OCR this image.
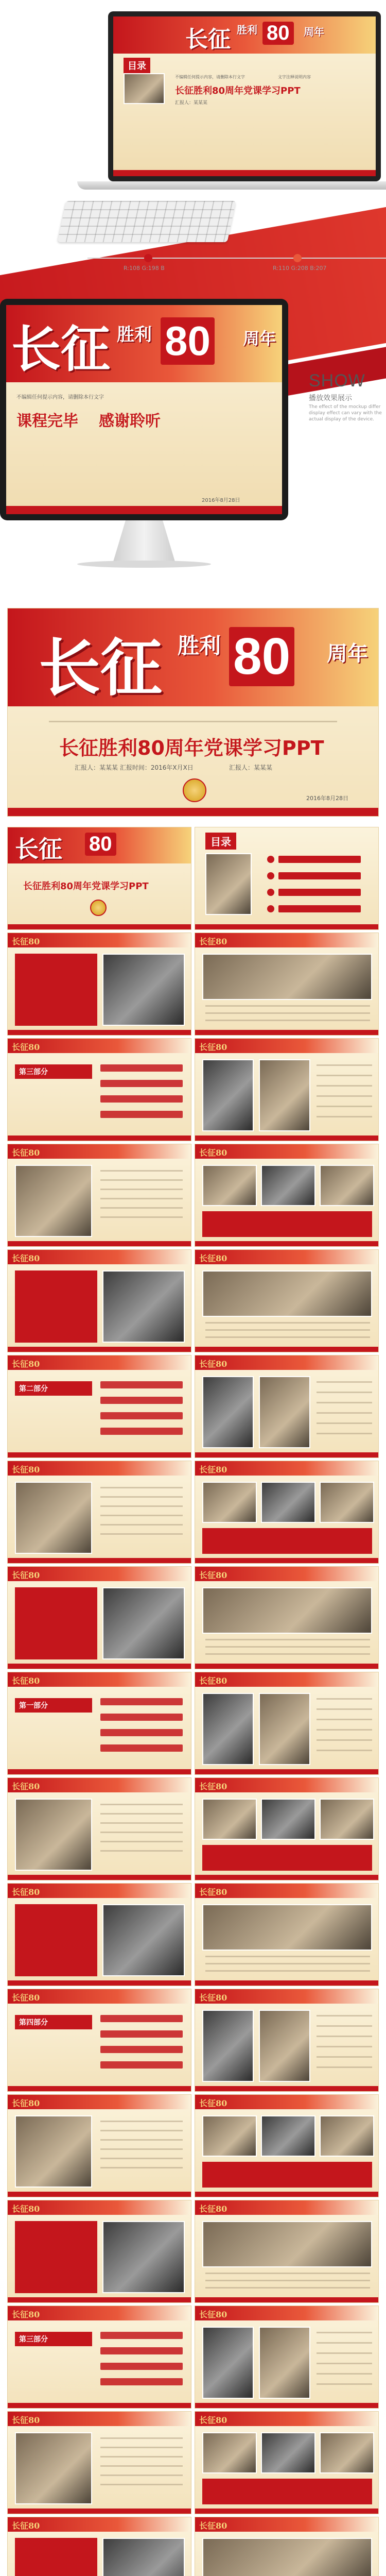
长征 胜利 80	周年
目录
长征胜利80周年党课学习PPT
汇报人：某某某
不编辑任何提示内容，请删除本行文字	文字注释说明内容
R:108 G:198 B	R:110 G:208 B:207
长征 胜利 80 周年
不编辑任何提示内容，请删除本行文字
课程完毕 感谢聆听
2016年8月28日
SHOW
播放效果展示
The effect of the mockup differ display effect can vary with the actual display of the device.
长征 胜利 80 周年
长征胜利80周年党课学习PPT
汇报人：某某某 汇报时间：2016年X月X日	汇报人：某某某
2016年8月28日
长征 80
长征胜利80周年党课学习PPT
目录
长征80	长征80
长征80
第三部分
长征80
长征80	长征80
长征80	长征80
长征80
第二部分
长征80
长征80	长征80
长征80	长征80
长征80
第一部分
长征80
长征80	长征80
长征80	长征80
长征80
第四部分
长征80
长征80	长征80
长征80	长征80
长征80
第三部分
长征80
长征80	长征80
长征80	长征80
